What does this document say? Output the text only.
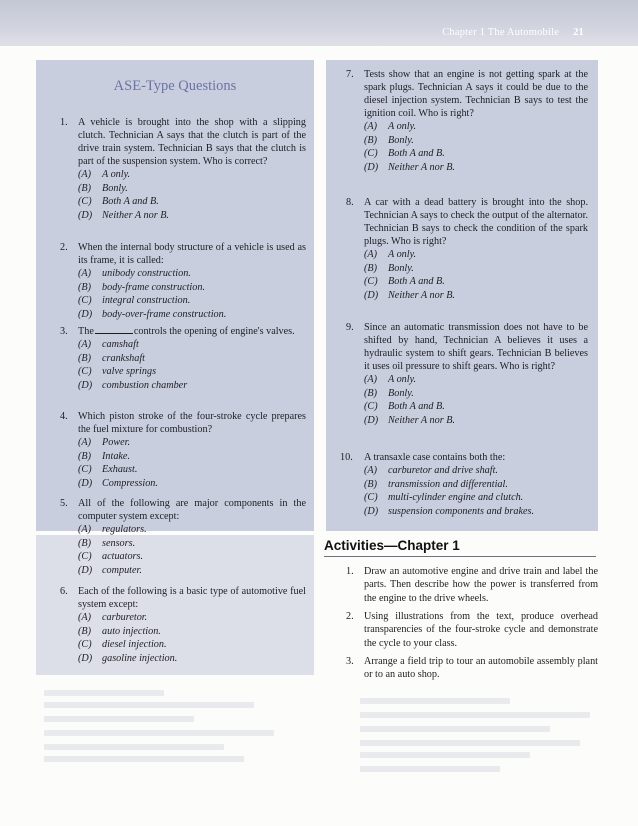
Chapter 1 The Automobile 21
ASE-Type Questions
1. A vehicle is brought into the shop with a slipping clutch. Technician A says that the clutch is part of the drive train system. Technician B says that the clutch is part of the suspension system. Who is correct?
(A) A only.
(B) Bonly.
(C) Both A and B.
(D) Neither A nor B.
2. When the internal body structure of a vehicle is used as its frame, it is called:
(A) unibody construction.
(B) body-frame construction.
(C) integral construction.
(D) body-over-frame construction.
3. The	controls the opening of engine's valves.
(A) camshaft
(B) crankshaft
(C) valve springs
(D) combustion chamber
4. Which piston stroke of the four-stroke cycle prepares the fuel mixture for combustion?
(A) Power.
(B) Intake.
(C) Exhaust.
(D) Compression.
5. All of the following are major components in the computer system except:
(A) regulators.
(B) sensors.
(C) actuators.
(D) computer.
6. Each of the following is a basic type of automotive fuel system except:
(A) carburetor.
(B) auto injection.
(C) diesel injection.
(D) gasoline injection.
7. Tests show that an engine is not getting spark at the spark plugs. Technician A says it could be due to the diesel injection system. Technician B says to test the ignition coil. Who is right?
(A) A only.
(B) Bonly.
(C) Both A and B.
(D) Neither A nor B.
8. A car with a dead battery is brought into the shop. Technician A says to check the output of the alternator. Technician B says to check the condition of the spark plugs. Who is right?
(A) A only.
(B) Bonly.
(C) Both A and B.
(D) Neither A nor B.
9. Since an automatic transmission does not have to be shifted by hand, Technician A believes it uses a hydraulic system to shift gears. Technician B believes it uses oil pressure to shift gears. Who is right?
(A) A only.
(B) Bonly.
(C) Both A and B.
(D) Neither A nor B.
10. A transaxle case contains both the:
(A) carburetor and drive shaft.
(B) transmission and differential.
(C) multi-cylinder engine and clutch.
(D) suspension components and brakes.
Activities—Chapter 1
1. Draw an automotive engine and drive train and label the parts. Then describe how the power is transferred from the engine to the drive wheels.
2. Using illustrations from the text, produce overhead transparencies of the four-stroke cycle and demonstrate the cycle to your class.
3. Arrange a field trip to tour an automobile assembly plant or to an auto shop.
